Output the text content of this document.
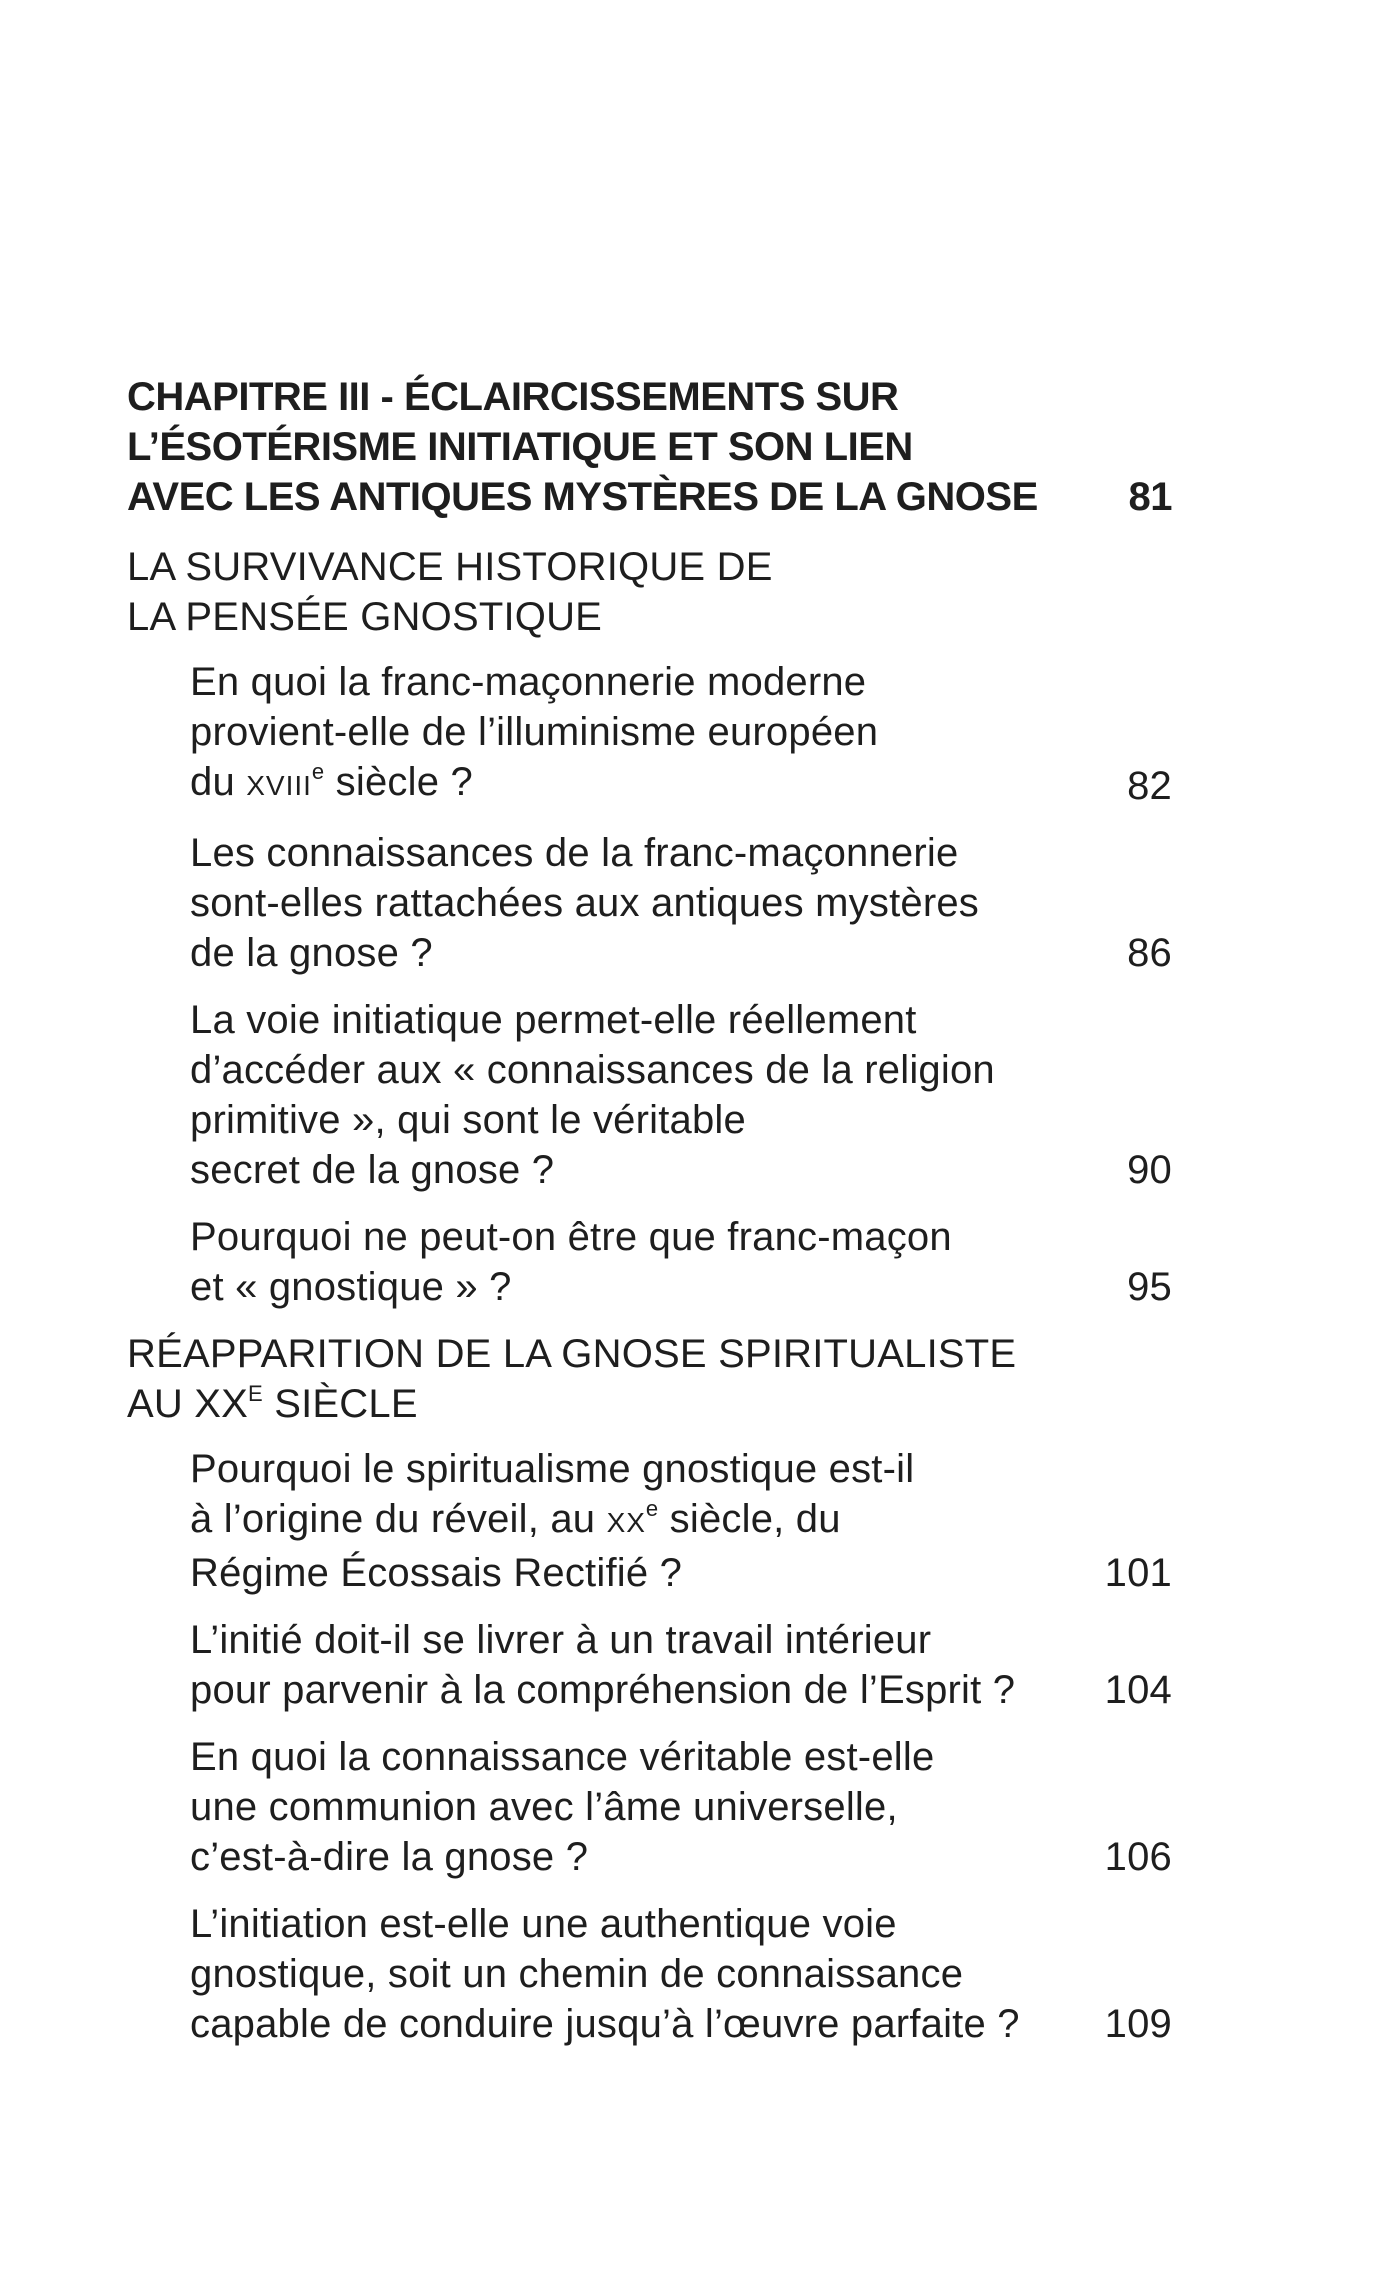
CHAPITRE III - ÉCLAIRCISSEMENTS SUR
L’ÉSOTÉRISME INITIATIQUE ET SON LIEN
AVEC LES ANTIQUES MYSTÈRES DE LA GNOSE	81
LA SURVIVANCE HISTORIQUE DE
LA PENSÉE GNOSTIQUE
En quoi la franc-maçonnerie moderne
provient-elle de l’illuminisme européen
du XVIIIe siècle ?	82
Les connaissances de la franc-maçonnerie
sont-elles rattachées aux antiques mystères
de la gnose ?	86
La voie initiatique permet-elle réellement
d’accéder aux « connaissances de la religion
primitive », qui sont le véritable
secret de la gnose ?	90
Pourquoi ne peut-on être que franc-maçon
et « gnostique » ?	95
RÉAPPARITION DE LA GNOSE SPIRITUALISTE
AU $XX^E$ SIÈCLE
Pourquoi le spiritualisme gnostique est-il
à l’origine du réveil, au XXe siècle, du
Régime Écossais Rectifié ?	101
L’initié doit-il se livrer à un travail intérieur
pour parvenir à la compréhension de l’Esprit ?	104
En quoi la connaissance véritable est-elle
une communion avec l’âme universelle,
c’est-à-dire la gnose ?	106
L’initiation est-elle une authentique voie
gnostique, soit un chemin de connaissance
capable de conduire jusqu’à l’œuvre parfaite ?	109
